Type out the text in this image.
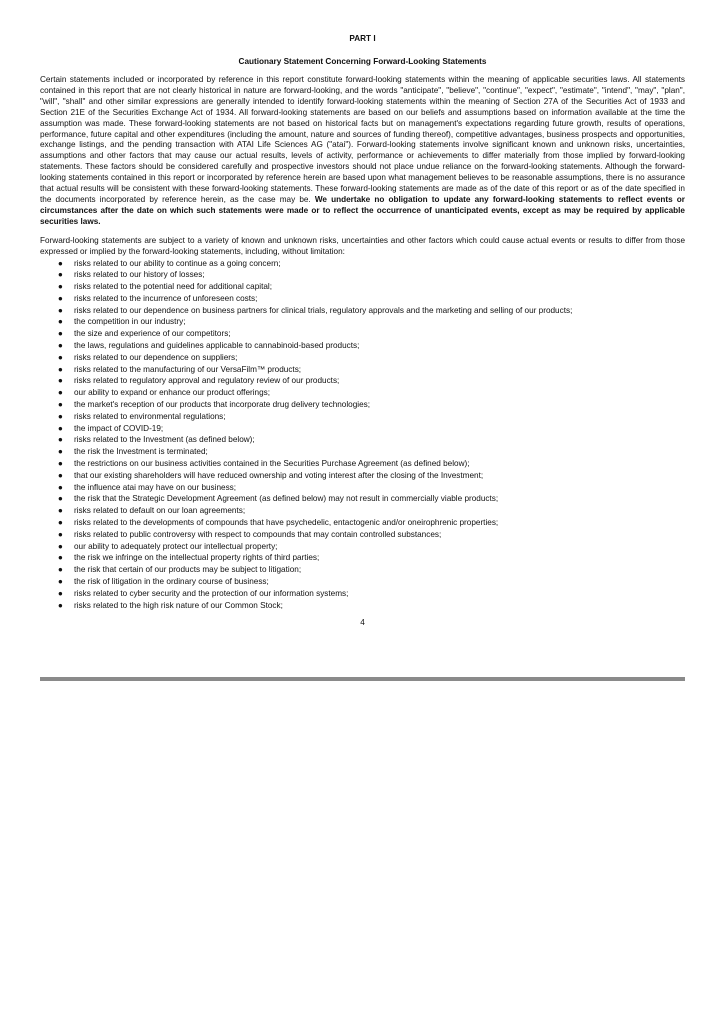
PART I

Cautionary Statement Concerning Forward-Looking Statements

Certain statements included or incorporated by reference in this report constitute forward-looking statements within the meaning of applicable securities laws. All statements contained in this report that are not clearly historical in nature are forward-looking, and the words "anticipate", "believe", "continue", "expect", "estimate", "intend", "may", "plan", "will", "shall" and other similar expressions are generally intended to identify forward-looking statements within the meaning of Section 27A of the Securities Act of 1933 and Section 21E of the Securities Exchange Act of 1934. All forward-looking statements are based on our beliefs and assumptions based on information available at the time the assumption was made. These forward-looking statements are not based on historical facts but on management's expectations regarding future growth, results of operations, performance, future capital and other expenditures (including the amount, nature and sources of funding thereof), competitive advantages, business prospects and opportunities, exchange listings, and the pending transaction with ATAI Life Sciences AG ("atai"). Forward-looking statements involve significant known and unknown risks, uncertainties, assumptions and other factors that may cause our actual results, levels of activity, performance or achievements to differ materially from those implied by forward-looking statements. These factors should be considered carefully and prospective investors should not place undue reliance on the forward-looking statements. Although the forward-looking statements contained in this report or incorporated by reference herein are based upon what management believes to be reasonable assumptions, there is no assurance that actual results will be consistent with these forward-looking statements. These forward-looking statements are made as of the date of this report or as of the date specified in the documents incorporated by reference herein, as the case may be. We undertake no obligation to update any forward-looking statements to reflect events or circumstances after the date on which such statements were made or to reflect the occurrence of unanticipated events, except as may be required by applicable securities laws.

Forward-looking statements are subject to a variety of known and unknown risks, uncertainties and other factors which could cause actual events or results to differ from those expressed or implied by the forward-looking statements, including, without limitation:

● risks related to our ability to continue as a going concern;
● risks related to our history of losses;
● risks related to the potential need for additional capital;
● risks related to the incurrence of unforeseen costs;
● risks related to our dependence on business partners for clinical trials, regulatory approvals and the marketing and selling of our products;
● the competition in our industry;
● the size and experience of our competitors;
● the laws, regulations and guidelines applicable to cannabinoid-based products;
● risks related to our dependence on suppliers;
● risks related to the manufacturing of our VersaFilm™ products;
● risks related to regulatory approval and regulatory review of our products;
● our ability to expand or enhance our product offerings;
● the market's reception of our products that incorporate drug delivery technologies;
● risks related to environmental regulations;
● the impact of COVID-19;
● risks related to the Investment (as defined below);
● the risk the Investment is terminated;
● the restrictions on our business activities contained in the Securities Purchase Agreement (as defined below);
● that our existing shareholders will have reduced ownership and voting interest after the closing of the Investment;
● the influence atai may have on our business;
● the risk that the Strategic Development Agreement (as defined below) may not result in commercially viable products;
● risks related to default on our loan agreements;
● risks related to the developments of compounds that have psychedelic, entactogenic and/or oneirophrenic properties;
● risks related to public controversy with respect to compounds that may contain controlled substances;
● our ability to adequately protect our intellectual property;
● the risk we infringe on the intellectual property rights of third parties;
● the risk that certain of our products may be subject to litigation;
● the risk of litigation in the ordinary course of business;
● risks related to cyber security and the protection of our information systems;
● risks related to the high risk nature of our Common Stock;

4
